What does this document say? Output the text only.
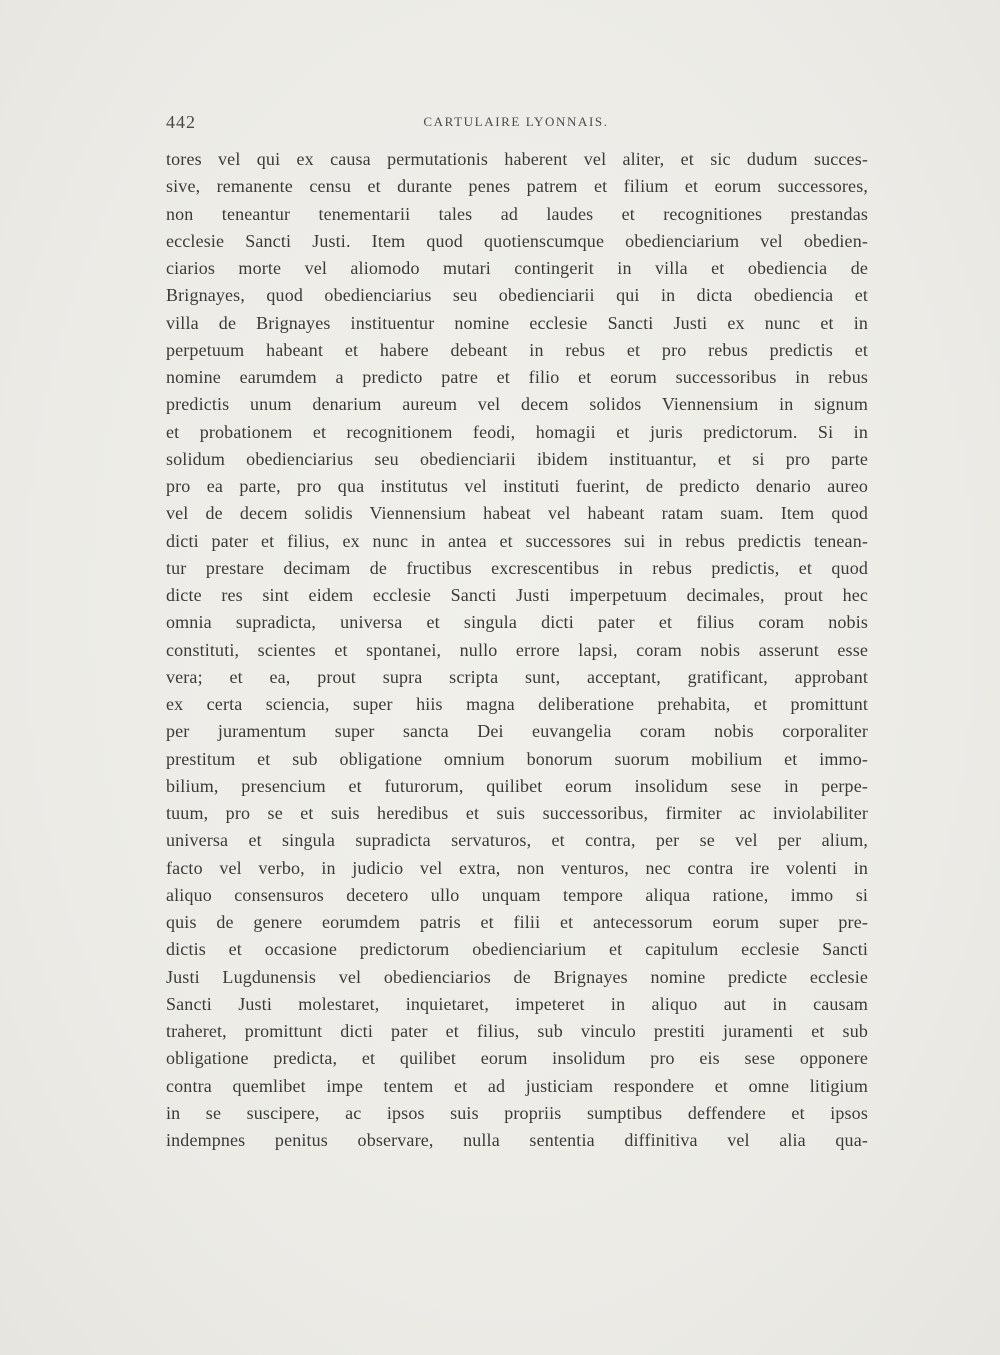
442	CARTULAIRE LYONNAIS.
tores vel qui ex causa permutationis haberent vel aliter, et sic dudum succes-
sive, remanente censu et durante penes patrem et filium et eorum successores,
non teneantur tenementarii tales ad laudes et recognitiones prestandas
ecclesie Sancti Justi. Item quod quotienscumque obedienciarium vel obedien-
ciarios morte vel aliomodo mutari contingerit in villa et obediencia de
Brignayes, quod obedienciarius seu obedienciarii qui in dicta obediencia et
villa de Brignayes instituentur nomine ecclesie Sancti Justi ex nunc et in
perpetuum habeant et habere debeant in rebus et pro rebus predictis et
nomine earumdem a predicto patre et filio et eorum successoribus in rebus
predictis unum denarium aureum vel decem solidos Viennensium in signum
et probationem et recognitionem feodi, homagii et juris predictorum. Si in
solidum obedienciarius seu obedienciarii ibidem instituantur, et si pro parte
pro ea parte, pro qua institutus vel instituti fuerint, de predicto denario aureo
vel de decem solidis Viennensium habeat vel habeant ratam suam. Item quod
dicti pater et filius, ex nunc in antea et successores sui in rebus predictis tenean-
tur prestare decimam de fructibus excrescentibus in rebus predictis, et quod
dicte res sint eidem ecclesie Sancti Justi imperpetuum decimales, prout hec
omnia supradicta, universa et singula dicti pater et filius coram nobis
constituti, scientes et spontanei, nullo errore lapsi, coram nobis asserunt esse
vera; et ea, prout supra scripta sunt, acceptant, gratificant, approbant
ex certa sciencia, super hiis magna deliberatione prehabita, et promittunt
per juramentum super sancta Dei euvangelia coram nobis corporaliter
prestitum et sub obligatione omnium bonorum suorum mobilium et immo-
bilium, presencium et futurorum, quilibet eorum insolidum sese in perpe-
tuum, pro se et suis heredibus et suis successoribus, firmiter ac inviolabiliter
universa et singula supradicta servaturos, et contra, per se vel per alium,
facto vel verbo, in judicio vel extra, non venturos, nec contra ire volenti in
aliquo consensuros decetero ullo unquam tempore aliqua ratione, immo si
quis de genere eorumdem patris et filii et antecessorum eorum super pre-
dictis et occasione predictorum obedienciarium et capitulum ecclesie Sancti
Justi Lugdunensis vel obedienciarios de Brignayes nomine predicte ecclesie
Sancti Justi molestaret, inquietaret, impeteret in aliquo aut in causam
traheret, promittunt dicti pater et filius, sub vinculo prestiti juramenti et sub
obligatione predicta, et quilibet eorum insolidum pro eis sese opponere
contra quemlibet impe tentem et ad justiciam respondere et omne litigium
in se suscipere, ac ipsos suis propriis sumptibus deffendere et ipsos
indempnes penitus observare, nulla sententia diffinitiva vel alia qua-
